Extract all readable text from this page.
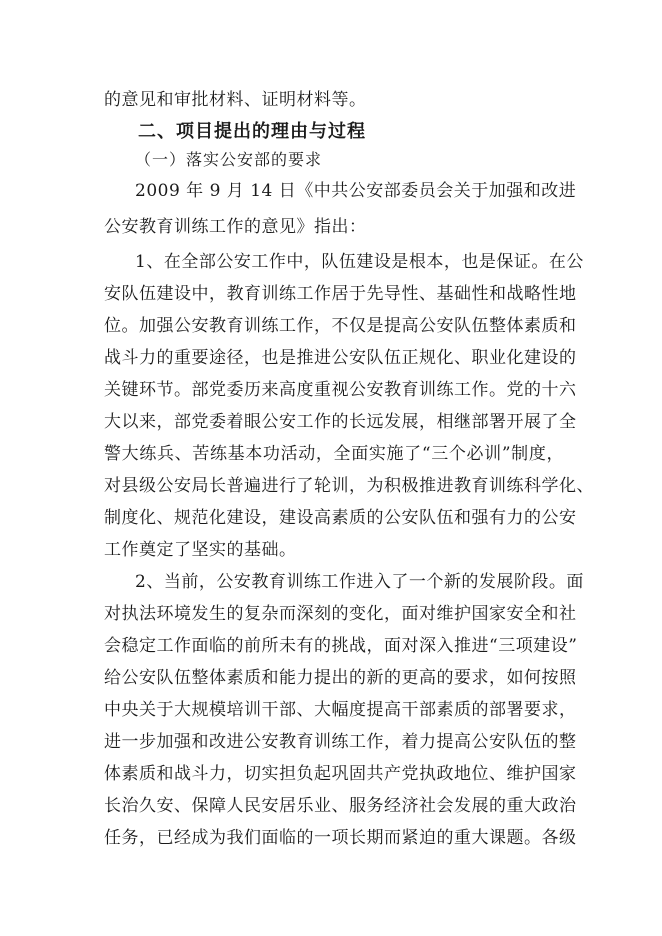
的意见和审批材料、证明材料等。
二、项目提出的理由与过程
（一）落实公安部的要求
2009 年 9 月 14 日《中共公安部委员会关于加强和改进
公安教育训练工作的意见》指出：
1、在全部公安工作中，队伍建设是根本，也是保证。在公
安队伍建设中，教育训练工作居于先导性、基础性和战略性地
位。加强公安教育训练工作，不仅是提高公安队伍整体素质和
战斗力的重要途径，也是推进公安队伍正规化、职业化建设的
关键环节。部党委历来高度重视公安教育训练工作。党的十六
大以来，部党委着眼公安工作的长远发展，相继部署开展了全
警大练兵、苦练基本功活动，全面实施了“三个必训”制度，
对县级公安局长普遍进行了轮训，为积极推进教育训练科学化、
制度化、规范化建设，建设高素质的公安队伍和强有力的公安
工作奠定了坚实的基础。
2、当前，公安教育训练工作进入了一个新的发展阶段。面
对执法环境发生的复杂而深刻的变化，面对维护国家安全和社
会稳定工作面临的前所未有的挑战，面对深入推进“三项建设”
给公安队伍整体素质和能力提出的新的更高的要求，如何按照
中央关于大规模培训干部、大幅度提高干部素质的部署要求，
进一步加强和改进公安教育训练工作，着力提高公安队伍的整
体素质和战斗力，切实担负起巩固共产党执政地位、维护国家
长治久安、保障人民安居乐业、服务经济社会发展的重大政治
任务，已经成为我们面临的一项长期而紧迫的重大课题。各级
